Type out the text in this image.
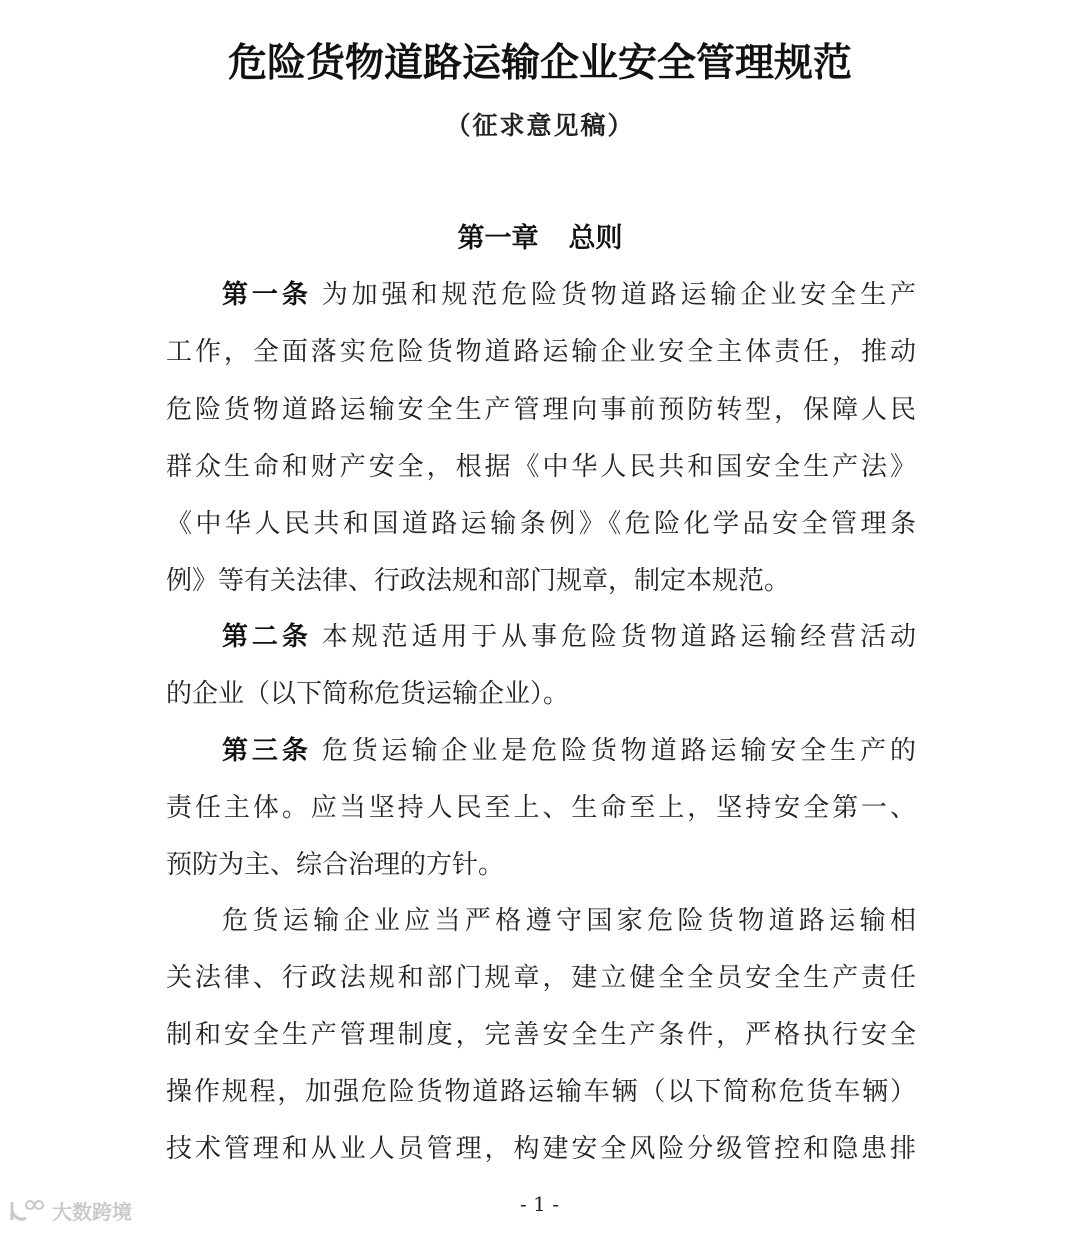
危险货物道路运输企业安全管理规范
（征求意见稿）
第一章 总则
第一条 为加强和规范危险货物道路运输企业安全生产
工作，全面落实危险货物道路运输企业安全主体责任，推动
危险货物道路运输安全生产管理向事前预防转型，保障人民
群众生命和财产安全，根据《中华人民共和国安全生产法》
《中华人民共和国道路运输条例》《危险化学品安全管理条
例》等有关法律、行政法规和部门规章，制定本规范。
第二条 本规范适用于从事危险货物道路运输经营活动
的企业（以下简称危货运输企业）。
第三条 危货运输企业是危险货物道路运输安全生产的
责任主体。应当坚持人民至上、生命至上，坚持安全第一、
预防为主、综合治理的方针。
危货运输企业应当严格遵守国家危险货物道路运输相
关法律、行政法规和部门规章，建立健全全员安全生产责任
制和安全生产管理制度，完善安全生产条件，严格执行安全
操作规程，加强危险货物道路运输车辆（以下简称危货车辆）
技术管理和从业人员管理，构建安全风险分级管控和隐患排
- 1 -
大数跨境
